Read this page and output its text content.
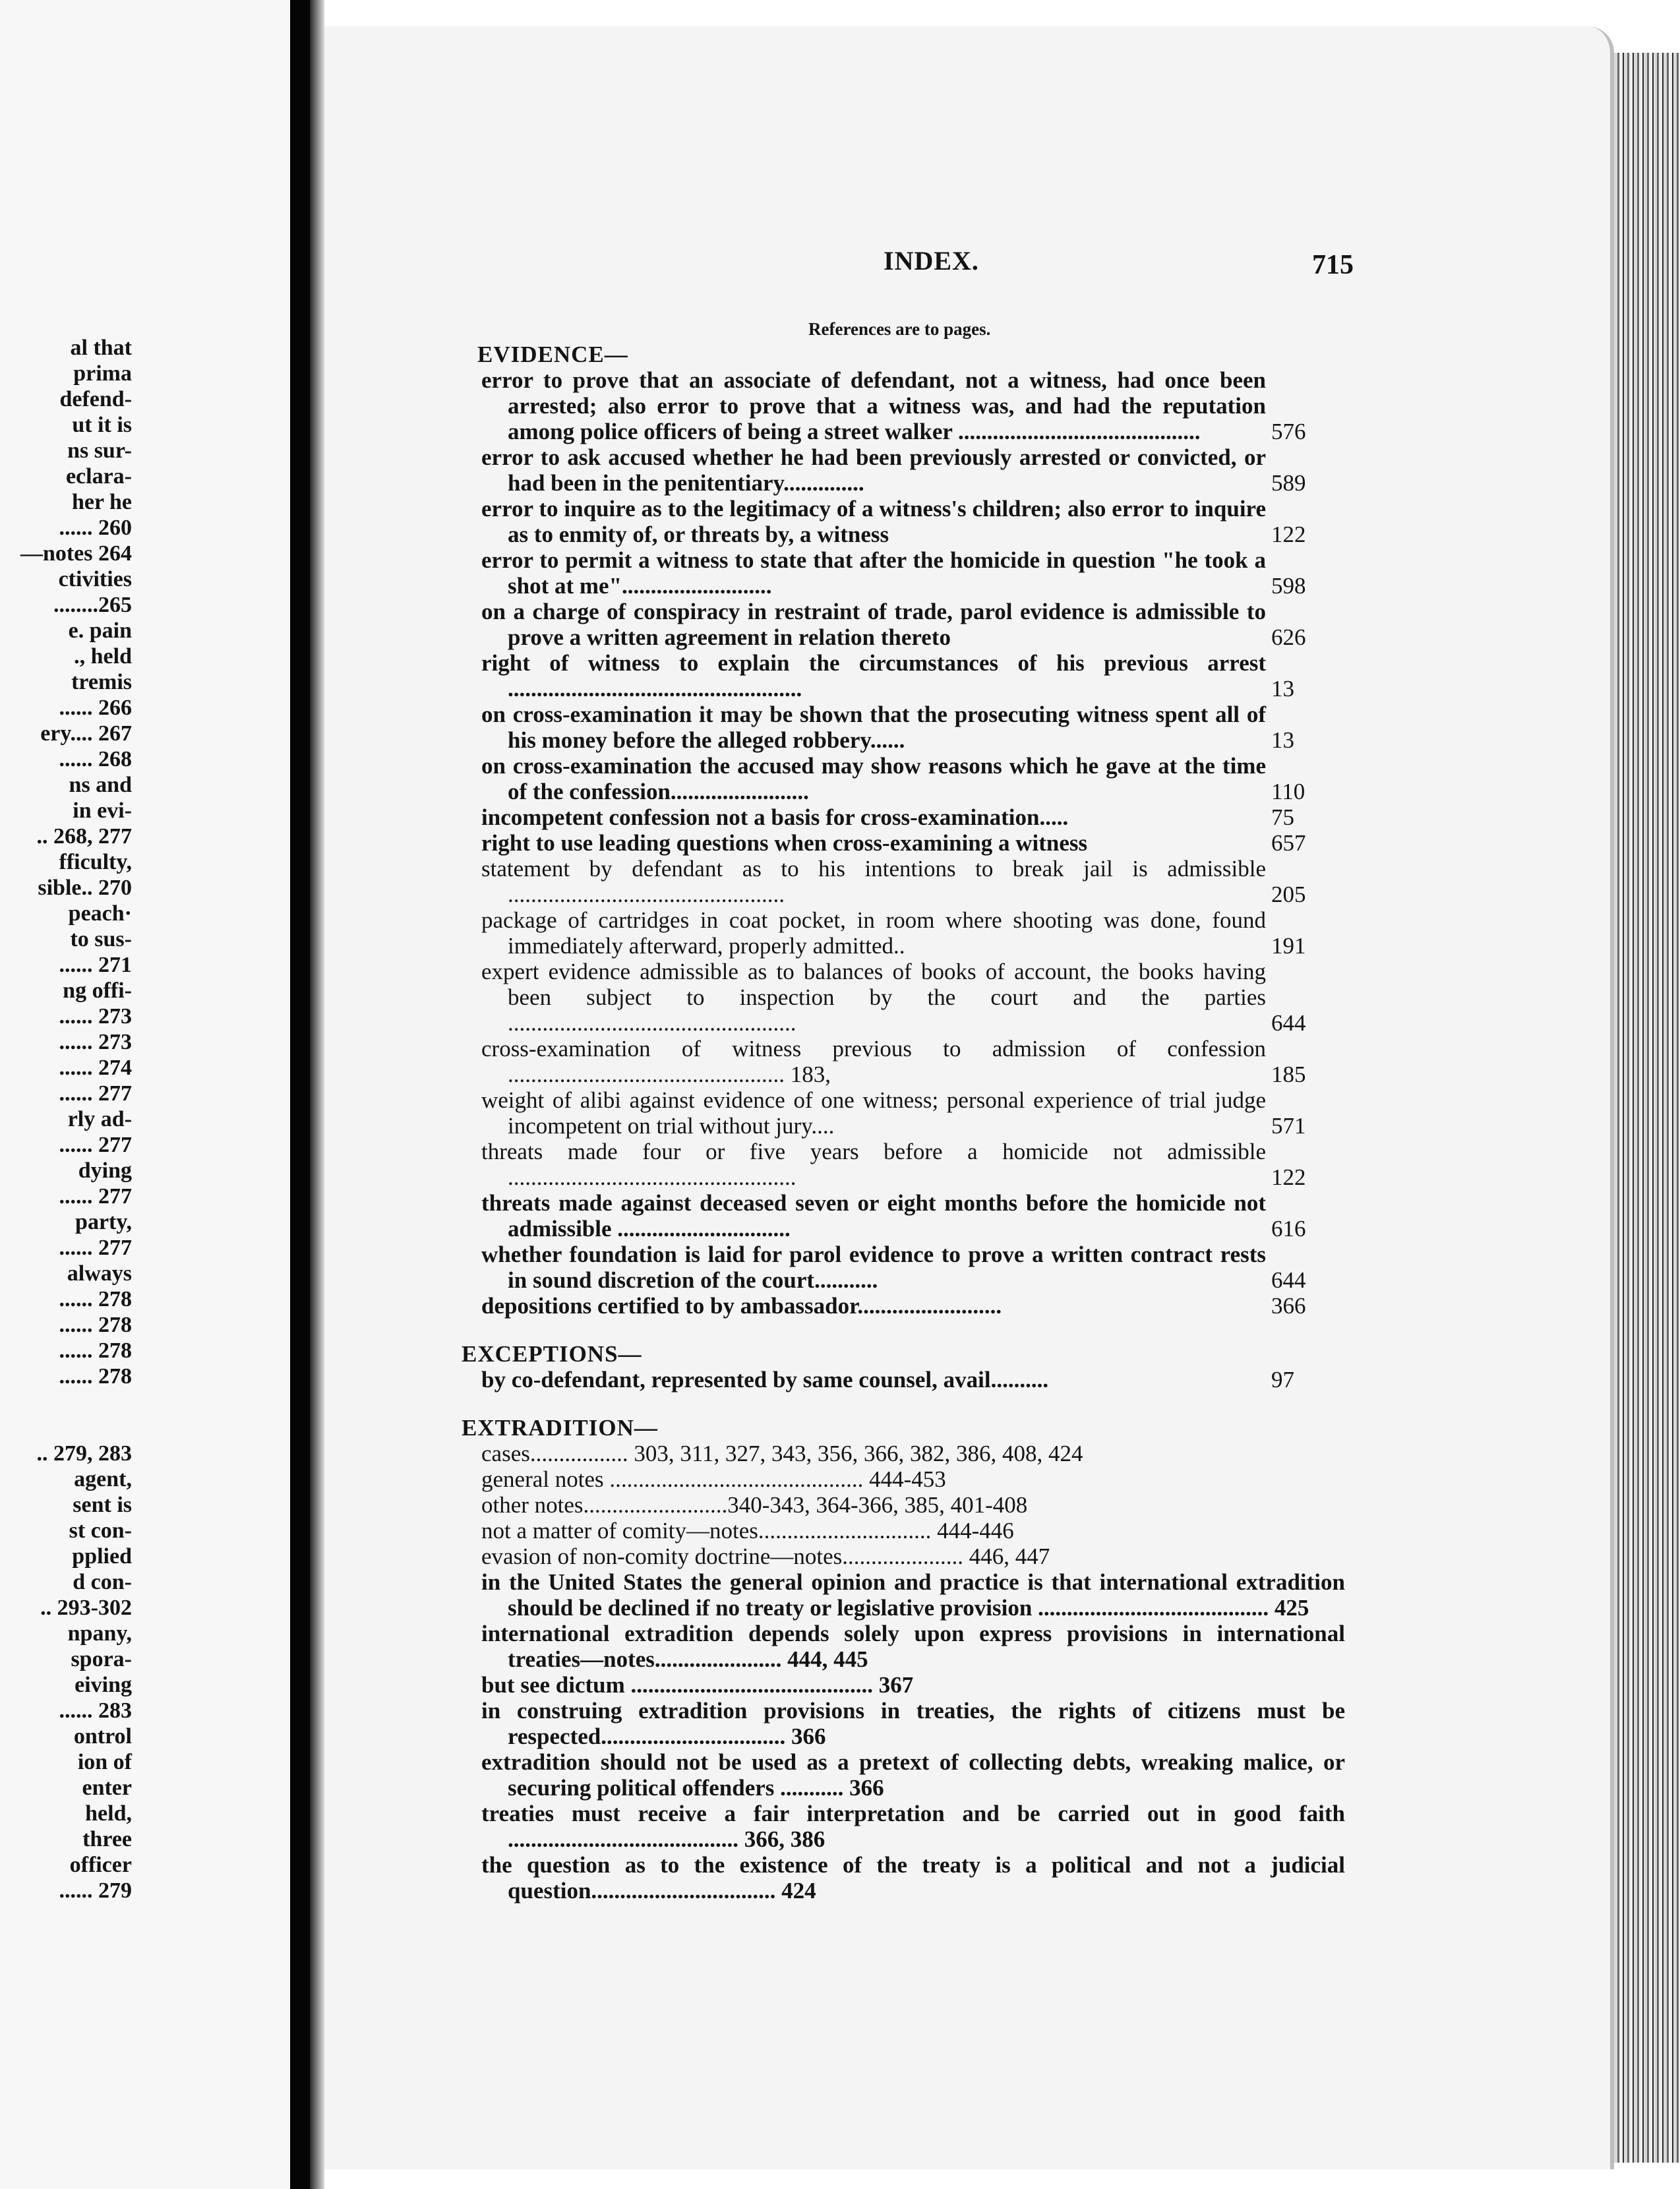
al that
prima
defend-
ut it is
ns sur-
eclara-
her he
...... 260
—notes 264
ctivities
........265
e. pain
., held
tremis
...... 266
ery.... 267
...... 268
ns and
in evi-
.. 268, 277
fficulty,
sible.. 270
peach·
to sus-
...... 271
ng offi-
...... 273
...... 273
...... 274
...... 277
rly ad-
...... 277
dying
...... 277
party,
...... 277
always
...... 278
...... 278
...... 278
...... 278
.. 279, 283
agent,
sent is
st con-
pplied
d con-
.. 293-302
npany,
spora-
eiving
...... 283
ontrol
ion of
enter
held,
three
officer
...... 279
INDEX.	715
References are to pages.
EVIDENCE—
error to prove that an associate of defendant, not a witness, had once been arrested; also error to prove that a witness was, and had the reputation among police officers of being a street walker ..........................................	576
error to ask accused whether he had been previously arrested or convicted, or had been in the penitentiary..............	589
error to inquire as to the legitimacy of a witness's children; also error to inquire as to enmity of, or threats by, a witness	122
error to permit a witness to state that after the homicide in question "he took a shot at me"..........................	598
on a charge of conspiracy in restraint of trade, parol evidence is admissible to prove a written agreement in relation thereto	626
right of witness to explain the circumstances of his previous arrest ...................................................	13
on cross-examination it may be shown that the prosecuting witness spent all of his money before the alleged robbery......	13
on cross-examination the accused may show reasons which he gave at the time of the confession........................	110
incompetent confession not a basis for cross-examination.....	75
right to use leading questions when cross-examining a witness	657
statement by defendant as to his intentions to break jail is admissible ................................................	205
package of cartridges in coat pocket, in room where shooting was done, found immediately afterward, properly admitted..	191
expert evidence admissible as to balances of books of account, the books having been subject to inspection by the court and the parties ..................................................	644
cross-examination of witness previous to admission of confession ................................................ 183,	185
weight of alibi against evidence of one witness; personal experience of trial judge incompetent on trial without jury....	571
threats made four or five years before a homicide not admissible ..................................................	122
threats made against deceased seven or eight months before the homicide not admissible ..............................	616
whether foundation is laid for parol evidence to prove a written contract rests in sound discretion of the court...........	644
depositions certified to by ambassador.........................	366
EXCEPTIONS—
by co-defendant, represented by same counsel, avail..........	97
EXTRADITION—
cases................. 303, 311, 327, 343, 356, 366, 382, 386, 408, 424
general notes ............................................ 444-453
other notes.........................340-343, 364-366, 385, 401-408
not a matter of comity—notes.............................. 444-446
evasion of non-comity doctrine—notes..................... 446, 447
in the United States the general opinion and practice is that international extradition should be declined if no treaty or legislative provision ........................................ 425
international extradition depends solely upon express provisions in international treaties—notes...................... 444, 445
but see dictum .......................................... 367
in construing extradition provisions in treaties, the rights of citizens must be respected................................ 366
extradition should not be used as a pretext of collecting debts, wreaking malice, or securing political offenders ........... 366
treaties must receive a fair interpretation and be carried out in good faith ........................................ 366, 386
the question as to the existence of the treaty is a political and not a judicial question................................ 424
